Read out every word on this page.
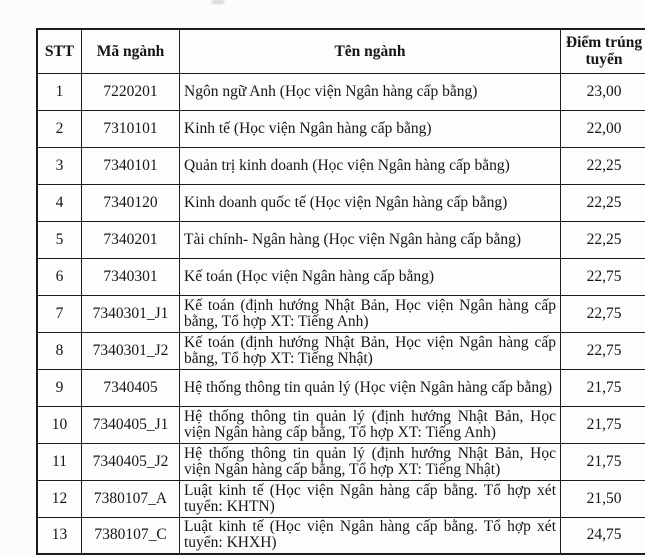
STT	Mã ngành	Tên ngành	Điểm trúng tuyển
1	7220201	Ngôn ngữ Anh (Học viện Ngân hàng cấp bằng)	23,00
2	7310101	Kinh tế (Học viện Ngân hàng cấp bằng)	22,00
3	7340101	Quản trị kinh doanh (Học viện Ngân hàng cấp bằng)	22,25
4	7340120	Kinh doanh quốc tế (Học viện Ngân hàng cấp bằng)	22,25
5	7340201	Tài chính- Ngân hàng (Học viện Ngân hàng cấp bằng)	22,25
6	7340301	Kế toán (Học viện Ngân hàng cấp bằng)	22,75
7	7340301_J1	Kế toán (định hướng Nhật Bản, Học viện Ngân hàng cấp bằng, Tổ hợp XT: Tiếng Anh)	22,75
8	7340301_J2	Kế toán (định hướng Nhật Bản, Học viện Ngân hàng cấp bằng, Tổ hợp XT: Tiếng Nhật)	22,75
9	7340405	Hệ thống thông tin quản lý (Học viện Ngân hàng cấp bằng)	21,75
10	7340405_J1	Hệ thống thông tin quản lý (định hướng Nhật Bản, Học viện Ngân hàng cấp bằng, Tổ hợp XT: Tiếng Anh)	21,75
11	7340405_J2	Hệ thống thông tin quản lý (định hướng Nhật Bản, Học viện Ngân hàng cấp bằng, Tổ hợp XT: Tiếng Nhật)	21,75
12	7380107_A	Luật kinh tế (Học viện Ngân hàng cấp bằng. Tổ hợp xét tuyển: KHTN)	21,50
13	7380107_C	Luật kinh tế (Học viện Ngân hàng cấp bằng. Tổ hợp xét tuyển: KHXH)	24,75
